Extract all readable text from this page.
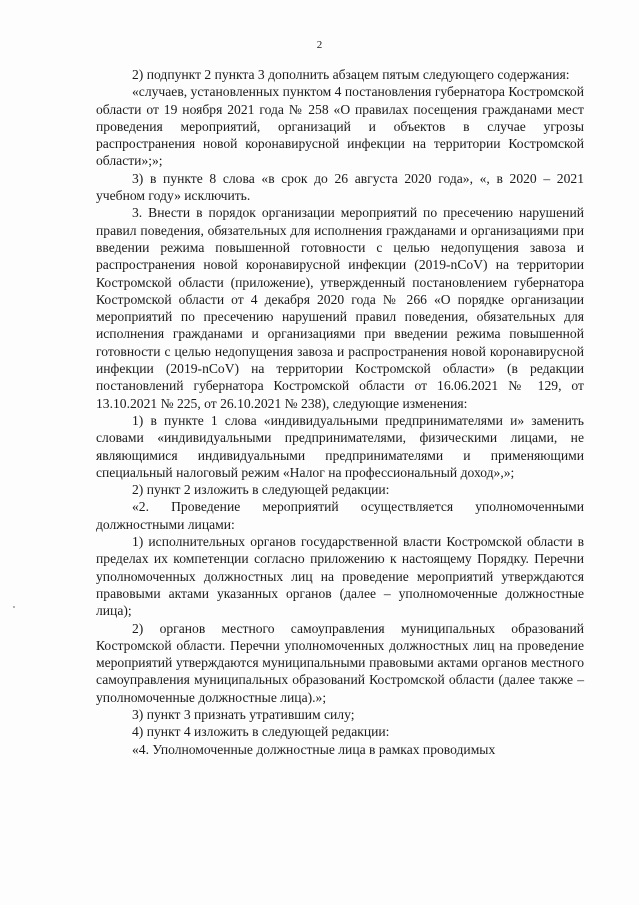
2

2) подпункт 2 пункта 3 дополнить абзацем пятым следующего содержания:

«случаев, установленных пунктом 4 постановления губернатора Костромской области от 19 ноября 2021 года № 258 «О правилах посещения гражданами мест проведения мероприятий, организаций и объектов в случае угрозы распространения новой коронавирусной инфекции на территории Костромской области»;»;

3) в пункте 8 слова «в срок до 26 августа 2020 года», «, в 2020 – 2021 учебном году» исключить.

3. Внести в порядок организации мероприятий по пресечению нарушений правил поведения, обязательных для исполнения гражданами и организациями при введении режима повышенной готовности с целью недопущения завоза и распространения новой коронавирусной инфекции (2019-nCoV) на территории Костромской области (приложение), утвержденный постановлением губернатора Костромской области от 4 декабря 2020 года № 266 «О порядке организации мероприятий по пресечению нарушений правил поведения, обязательных для исполнения гражданами и организациями при введении режима повышенной готовности с целью недопущения завоза и распространения новой коронавирусной инфекции (2019-nCoV) на территории Костромской области» (в редакции постановлений губернатора Костромской области от 16.06.2021 № 129, от 13.10.2021 № 225, от 26.10.2021 № 238), следующие изменения:

1) в пункте 1 слова «индивидуальными предпринимателями и» заменить словами «индивидуальными предпринимателями, физическими лицами, не являющимися индивидуальными предпринимателями и применяющими специальный налоговый режим «Налог на профессиональный доход»,»;

2) пункт 2 изложить в следующей редакции:

«2. Проведение мероприятий осуществляется уполномоченными должностными лицами:

1) исполнительных органов государственной власти Костромской области в пределах их компетенции согласно приложению к настоящему Порядку. Перечни уполномоченных должностных лиц на проведение мероприятий утверждаются правовыми актами указанных органов (далее – уполномоченные должностные лица);

2) органов местного самоуправления муниципальных образований Костромской области. Перечни уполномоченных должностных лиц на проведение мероприятий утверждаются муниципальными правовыми актами органов местного самоуправления муниципальных образований Костромской области (далее также – уполномоченные должностные лица).»;

3) пункт 3 признать утратившим силу;

4) пункт 4 изложить в следующей редакции:

«4. Уполномоченные должностные лица в рамках проводимых
